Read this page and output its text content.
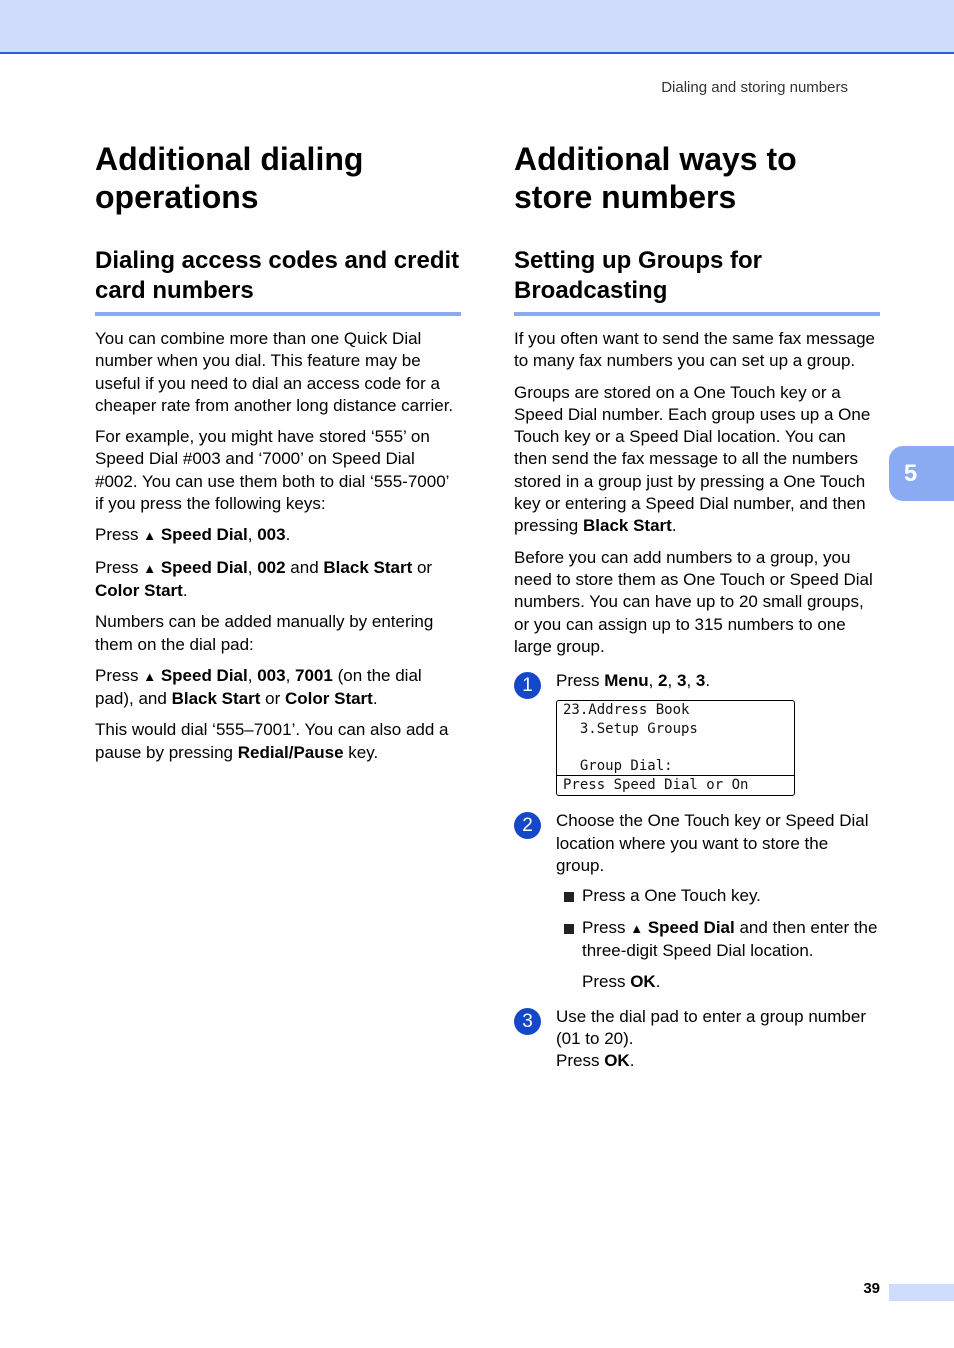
Dialing and storing numbers
Additional dialing operations
Dialing access codes and credit card numbers

You can combine more than one Quick Dial number when you dial. This feature may be useful if you need to dial an access code for a cheaper rate from another long distance carrier.

For example, you might have stored ‘555’ on Speed Dial #003 and ‘7000’ on Speed Dial #002. You can use them both to dial ‘555-7000’ if you press the following keys:

Press ▲ Speed Dial, 003.

Press ▲ Speed Dial, 002 and Black Start or Color Start.

Numbers can be added manually by entering them on the dial pad:

Press ▲ Speed Dial, 003, 7001 (on the dial pad), and Black Start or Color Start.

This would dial ‘555–7001’. You can also add a pause by pressing Redial/Pause key.

Additional ways to store numbers
Setting up Groups for Broadcasting

If you often want to send the same fax message to many fax numbers you can set up a group.

Groups are stored on a One Touch key or a Speed Dial number. Each group uses up a One Touch key or a Speed Dial location. You can then send the fax message to all the numbers stored in a group just by pressing a One Touch key or entering a Speed Dial number, and then pressing Black Start.

Before you can add numbers to a group, you need to store them as One Touch or Speed Dial numbers. You can have up to 20 small groups, or you can assign up to 315 numbers to one large group.

1	Press Menu, 2, 3, 3.

23.Address Book
3.Setup Groups
Group Dial:
Press Speed Dial or On
2	Choose the One Touch key or Speed Dial location where you want to store the group.

Press a One Touch key.
Press ▲ Speed Dial and then enter the three-digit Speed Dial location.

Press OK.

3	Use the dial pad to enter a group number (01 to 20).
Press OK.

5
39
